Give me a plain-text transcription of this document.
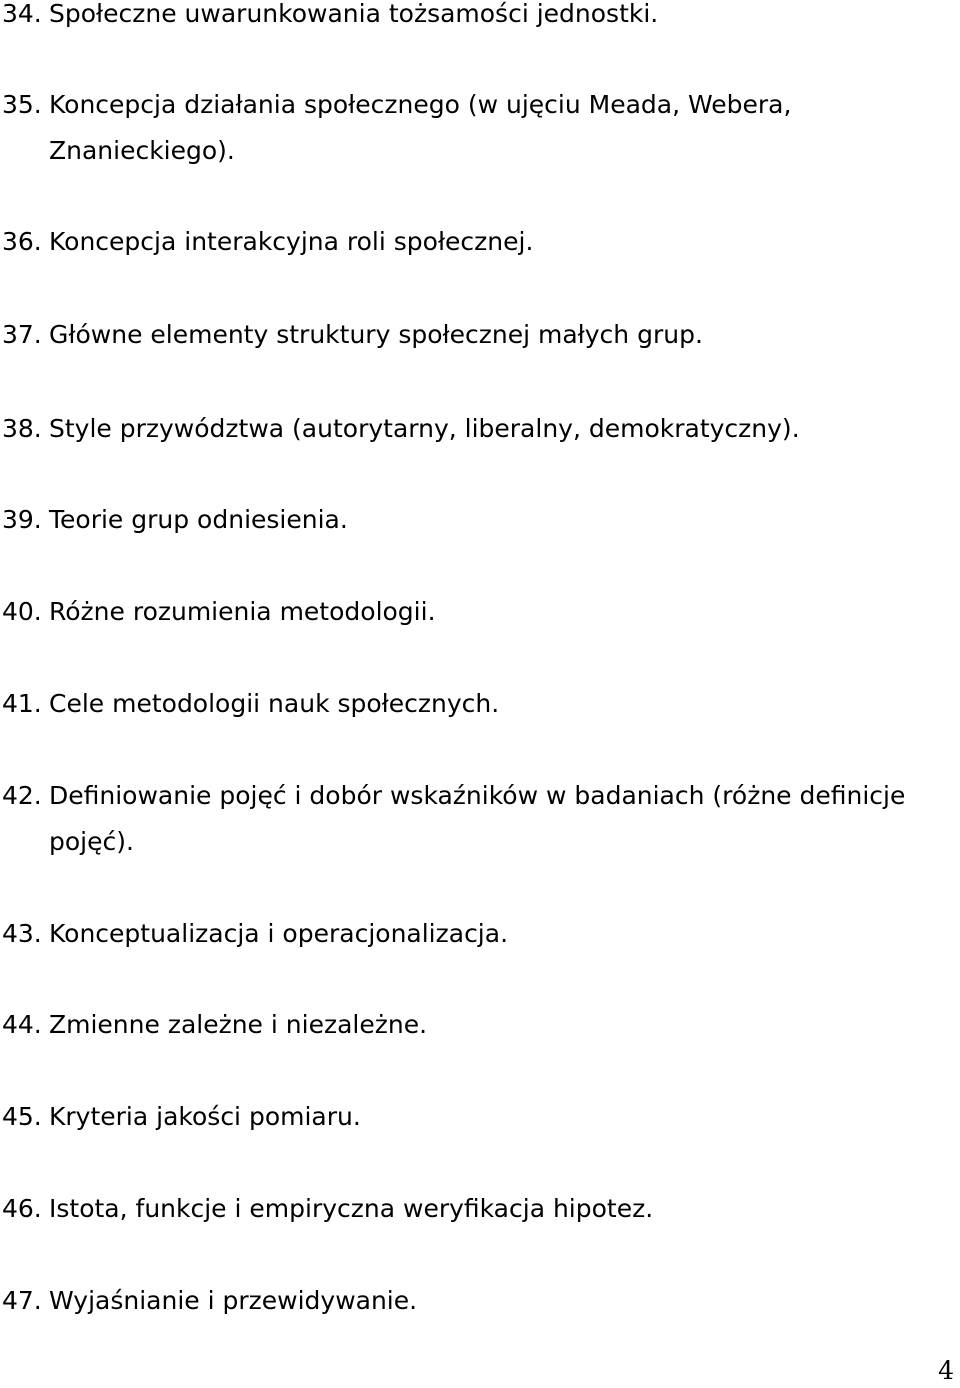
34. Społeczne uwarunkowania tożsamości jednostki.
35. Koncepcja działania społecznego (w ujęciu Meada, Webera, Znanieckiego).
36. Koncepcja interakcyjna roli społecznej.
37. Główne elementy struktury społecznej małych grup.
38. Style przywództwa (autorytarny, liberalny, demokratyczny).
39. Teorie grup odniesienia.
40. Różne rozumienia metodologii.
41. Cele metodologii nauk społecznych.
42. Definiowanie pojęć i dobór wskaźników w badaniach (różne definicje pojęć).
43. Konceptualizacja i operacjonalizacja.
44. Zmienne zależne i niezależne.
45. Kryteria jakości pomiaru.
46. Istota, funkcje i empiryczna weryfikacja hipotez.
47. Wyjaśnianie i przewidywanie.
4
